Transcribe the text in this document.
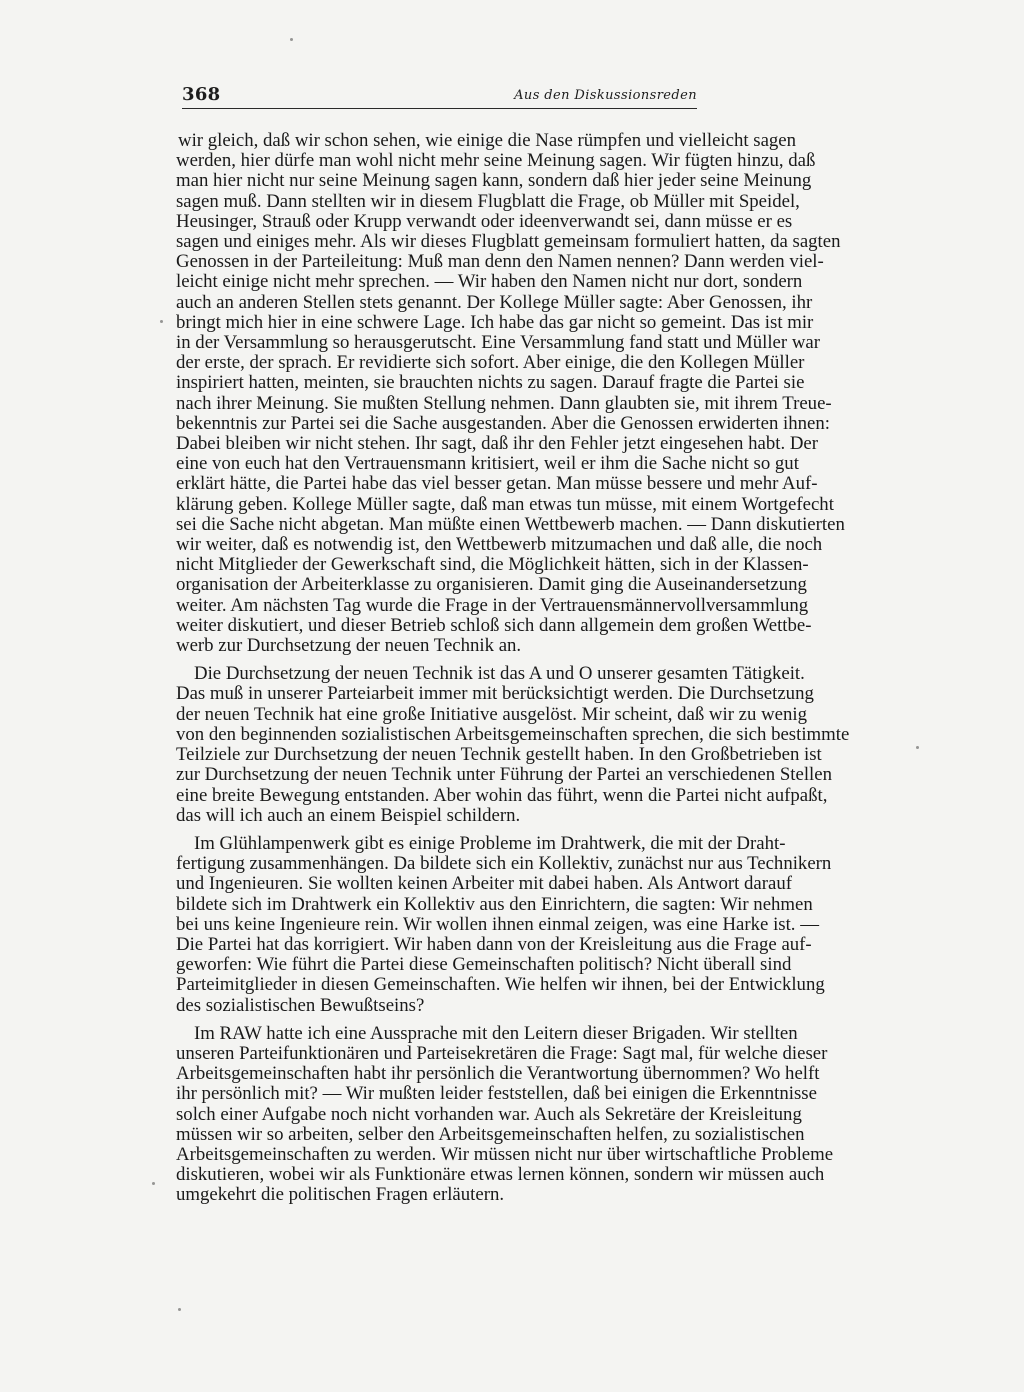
368	Aus den Diskussionsreden

wir gleich, daß wir schon sehen, wie einige die Nase rümpfen und vielleicht sagen
werden, hier dürfe man wohl nicht mehr seine Meinung sagen. Wir fügten hinzu, daß
man hier nicht nur seine Meinung sagen kann, sondern daß hier jeder seine Meinung
sagen muß. Dann stellten wir in diesem Flugblatt die Frage, ob Müller mit Speidel,
Heusinger, Strauß oder Krupp verwandt oder ideenverwandt sei, dann müsse er es
sagen und einiges mehr. Als wir dieses Flugblatt gemeinsam formuliert hatten, da sagten
Genossen in der Parteileitung: Muß man denn den Namen nennen? Dann werden viel-
leicht einige nicht mehr sprechen. — Wir haben den Namen nicht nur dort, sondern
auch an anderen Stellen stets genannt. Der Kollege Müller sagte: Aber Genossen, ihr
bringt mich hier in eine schwere Lage. Ich habe das gar nicht so gemeint. Das ist mir
in der Versammlung so herausgerutscht. Eine Versammlung fand statt und Müller war
der erste, der sprach. Er revidierte sich sofort. Aber einige, die den Kollegen Müller
inspiriert hatten, meinten, sie brauchten nichts zu sagen. Darauf fragte die Partei sie
nach ihrer Meinung. Sie mußten Stellung nehmen. Dann glaubten sie, mit ihrem Treue-
bekenntnis zur Partei sei die Sache ausgestanden. Aber die Genossen erwiderten ihnen:
Dabei bleiben wir nicht stehen. Ihr sagt, daß ihr den Fehler jetzt eingesehen habt. Der
eine von euch hat den Vertrauensmann kritisiert, weil er ihm die Sache nicht so gut
erklärt hätte, die Partei habe das viel besser getan. Man müsse bessere und mehr Auf-
klärung geben. Kollege Müller sagte, daß man etwas tun müsse, mit einem Wortgefecht
sei die Sache nicht abgetan. Man müßte einen Wettbewerb machen. — Dann diskutierten
wir weiter, daß es notwendig ist, den Wettbewerb mitzumachen und daß alle, die noch
nicht Mitglieder der Gewerkschaft sind, die Möglichkeit hätten, sich in der Klassen-
organisation der Arbeiterklasse zu organisieren. Damit ging die Auseinandersetzung
weiter. Am nächsten Tag wurde die Frage in der Vertrauensmännervollversammlung
weiter diskutiert, und dieser Betrieb schloß sich dann allgemein dem großen Wettbe-
werb zur Durchsetzung der neuen Technik an.

Die Durchsetzung der neuen Technik ist das A und O unserer gesamten Tätigkeit.
Das muß in unserer Parteiarbeit immer mit berücksichtigt werden. Die Durchsetzung
der neuen Technik hat eine große Initiative ausgelöst. Mir scheint, daß wir zu wenig
von den beginnenden sozialistischen Arbeitsgemeinschaften sprechen, die sich bestimmte
Teilziele zur Durchsetzung der neuen Technik gestellt haben. In den Großbetrieben ist
zur Durchsetzung der neuen Technik unter Führung der Partei an verschiedenen Stellen
eine breite Bewegung entstanden. Aber wohin das führt, wenn die Partei nicht aufpaßt,
das will ich auch an einem Beispiel schildern.

Im Glühlampenwerk gibt es einige Probleme im Drahtwerk, die mit der Draht-
fertigung zusammenhängen. Da bildete sich ein Kollektiv, zunächst nur aus Technikern
und Ingenieuren. Sie wollten keinen Arbeiter mit dabei haben. Als Antwort darauf
bildete sich im Drahtwerk ein Kollektiv aus den Einrichtern, die sagten: Wir nehmen
bei uns keine Ingenieure rein. Wir wollen ihnen einmal zeigen, was eine Harke ist. —
Die Partei hat das korrigiert. Wir haben dann von der Kreisleitung aus die Frage auf-
geworfen: Wie führt die Partei diese Gemeinschaften politisch? Nicht überall sind
Parteimitglieder in diesen Gemeinschaften. Wie helfen wir ihnen, bei der Entwicklung
des sozialistischen Bewußtseins?

Im RAW hatte ich eine Aussprache mit den Leitern dieser Brigaden. Wir stellten
unseren Parteifunktionären und Parteisekretären die Frage: Sagt mal, für welche dieser
Arbeitsgemeinschaften habt ihr persönlich die Verantwortung übernommen? Wo helft
ihr persönlich mit? — Wir mußten leider feststellen, daß bei einigen die Erkenntnisse
solch einer Aufgabe noch nicht vorhanden war. Auch als Sekretäre der Kreisleitung
müssen wir so arbeiten, selber den Arbeitsgemeinschaften helfen, zu sozialistischen
Arbeitsgemeinschaften zu werden. Wir müssen nicht nur über wirtschaftliche Probleme
diskutieren, wobei wir als Funktionäre etwas lernen können, sondern wir müssen auch
umgekehrt die politischen Fragen erläutern.
